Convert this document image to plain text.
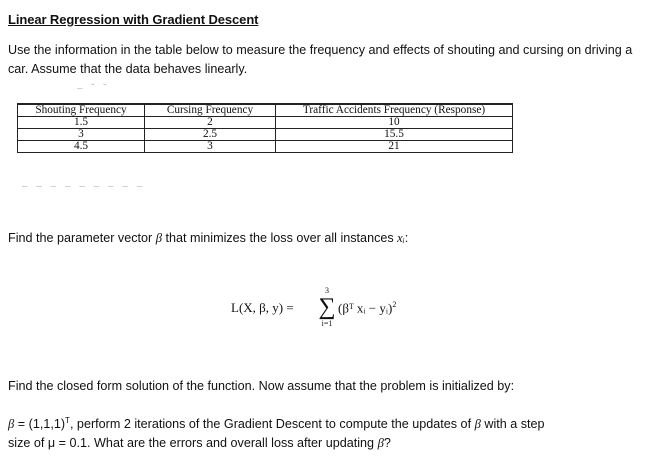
Linear Regression with Gradient Descent
Use the information in the table below to measure the frequency and effects of shouting and cursing on driving a car. Assume that the data behaves linearly.
‒ ˘ ˘
Shouting Frequency	Cursing Frequency	Traffic Accidents Frequency (Response)
1.5	2	10
3	2.5	15.5
4.5	3	21
‒ ‒ ‒ ‒ ‒ ‒ ‒ ‒ ‒
Find the parameter vector β that minimizes the loss over all instances xᵢ:
L(X, β, y) =
3
∑
i=1
(βᵀ xᵢ − yᵢ)$^2$
Find the closed form solution of the function. Now assume that the problem is initialized by:
$\beta = (1,1,1)^T$, perform 2 iterations of the Gradient Descent to compute the updates of β with a step
size of μ = 0.1. What are the errors and overall loss after updating β?
